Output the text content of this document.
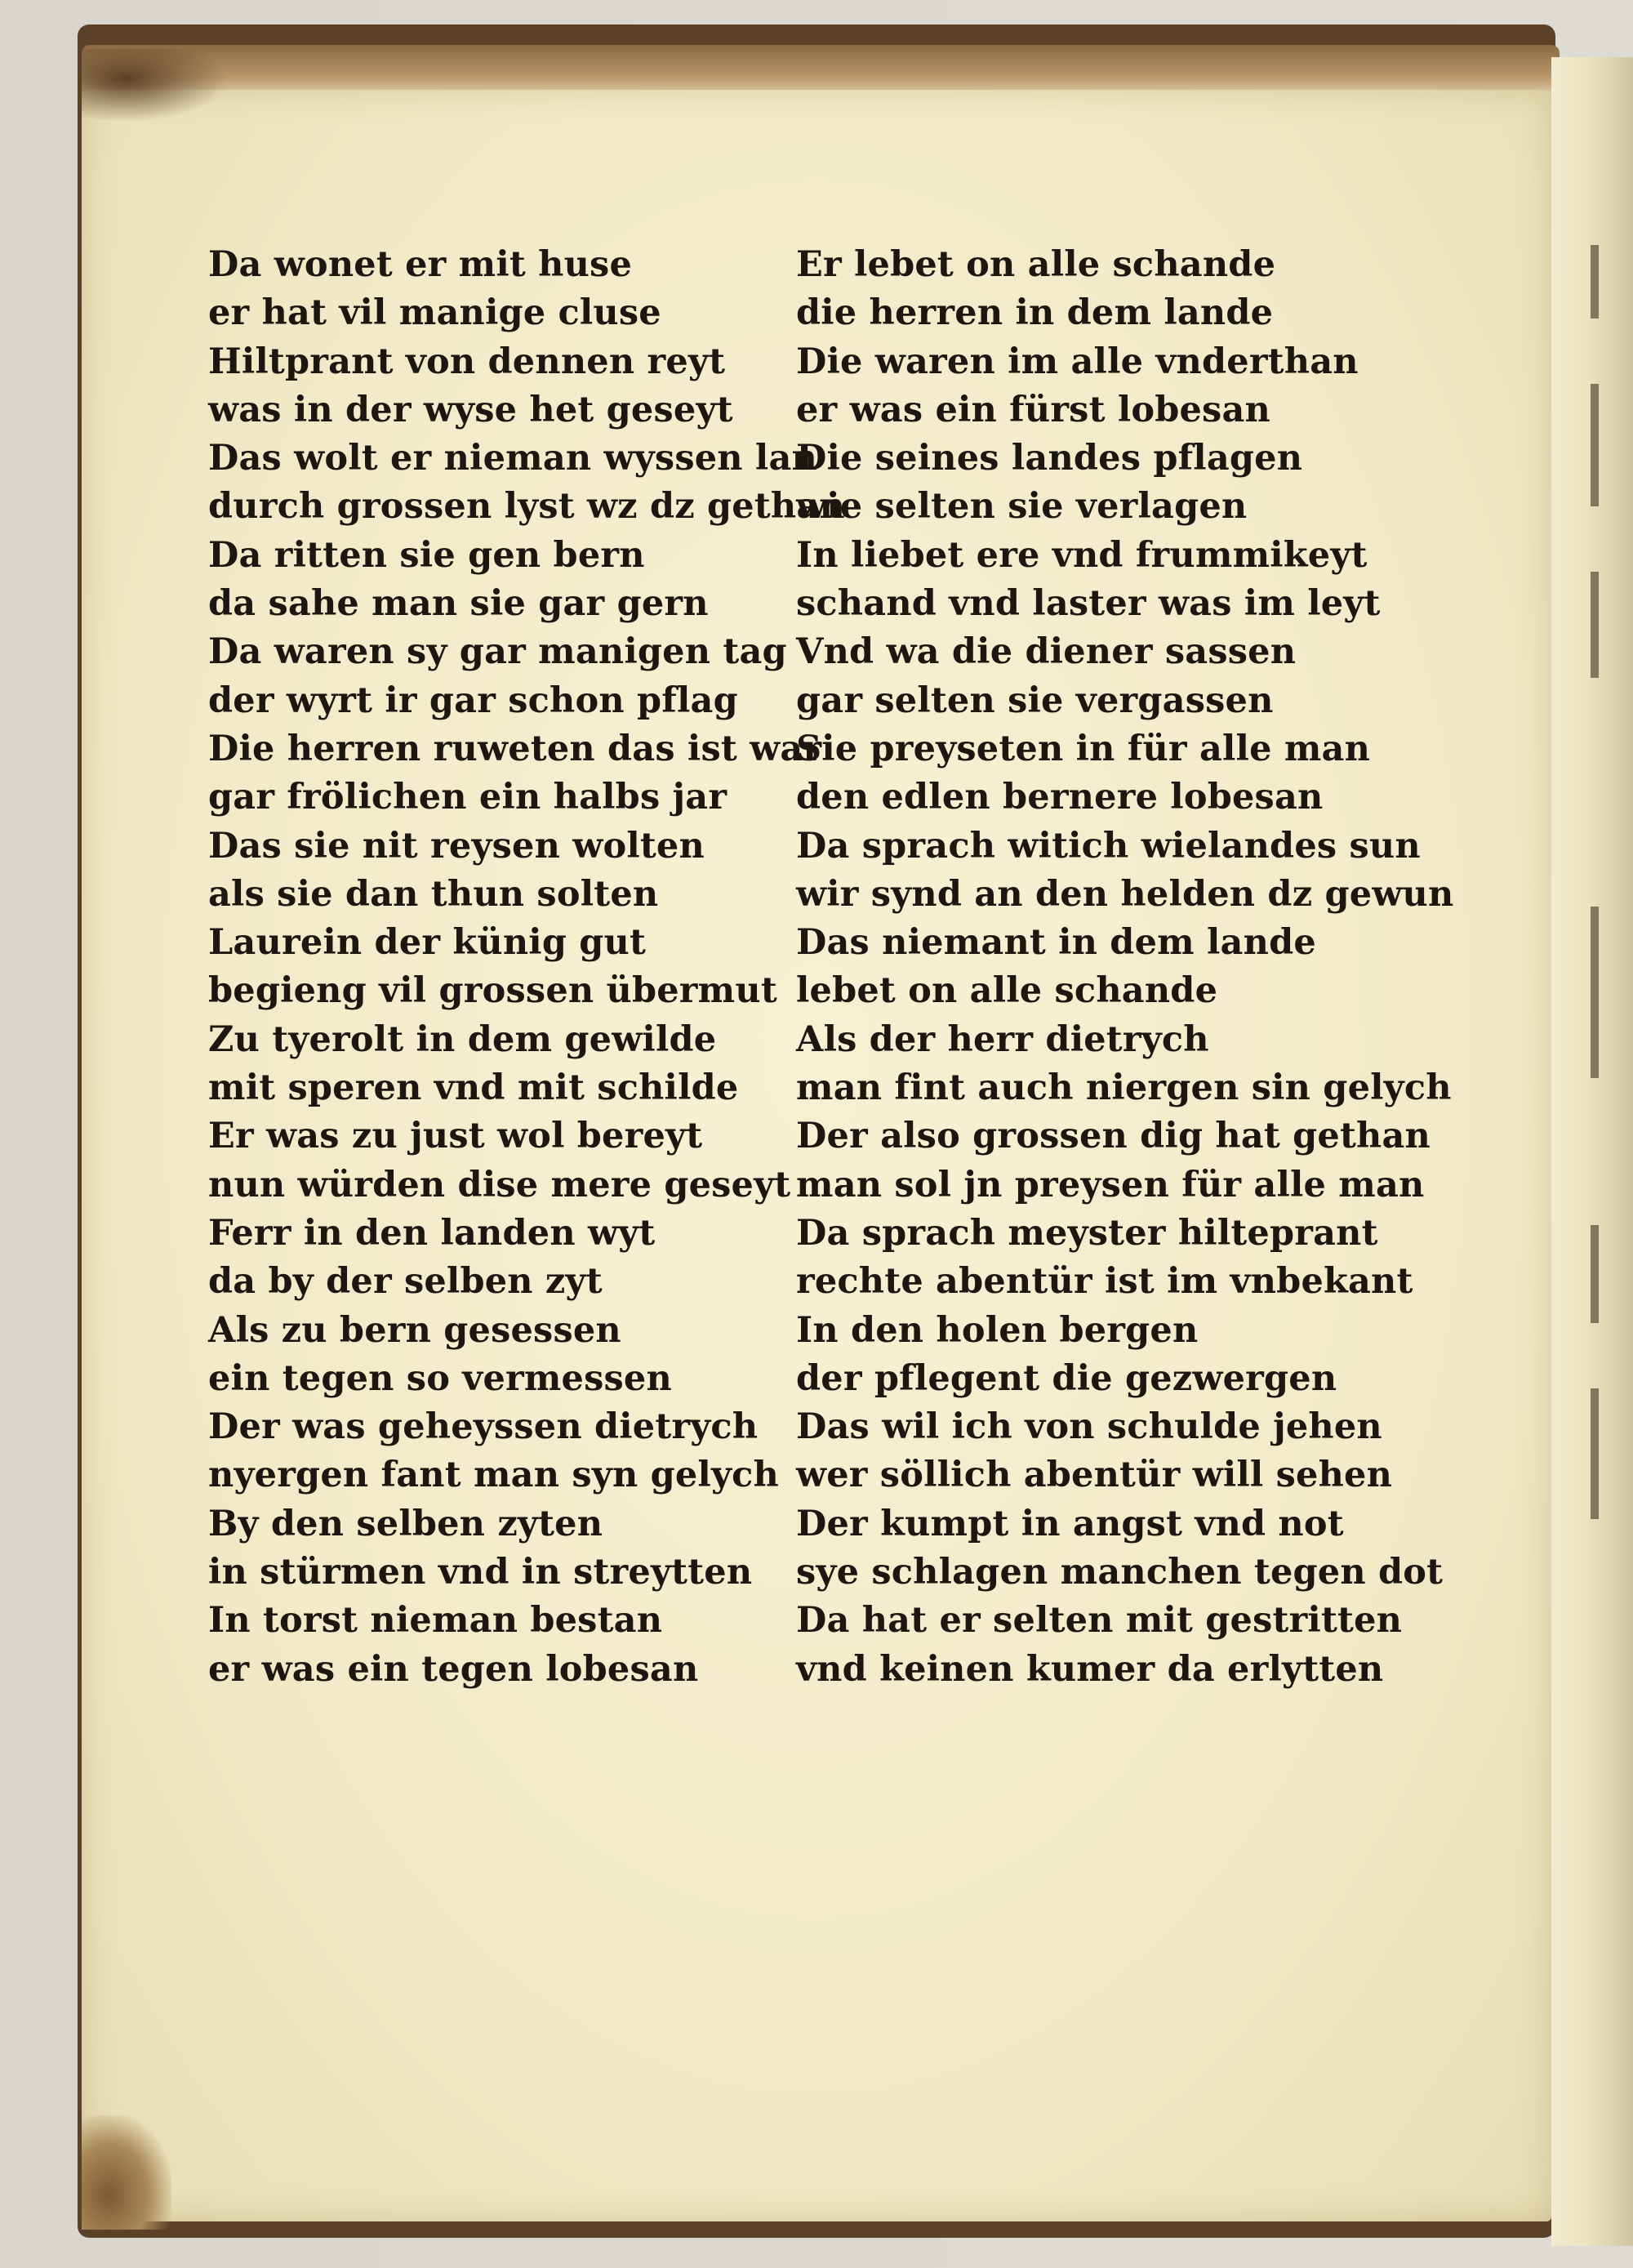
Da wonet er mit huse
er hat vil manige cluse
Hiltprant von dennen reyt
was in der wyse het geseyt
Das wolt er nieman wyssen lan
durch grossen lyst wz dz gethan
Da ritten sie gen bern
da sahe man sie gar gern
Da waren sy gar manigen tag
der wyrt ir gar schon pflag
Die herren ruweten das ist war
gar frölichen ein halbs jar
Das sie nit reysen wolten
als sie dan thun solten
Laurein der künig gut
begieng vil grossen übermut
Zu tyerolt in dem gewilde
mit speren vnd mit schilde
Er was zu just wol bereyt
nun würden dise mere geseyt
Ferr in den landen wyt
da by der selben zyt
Als zu bern gesessen
ein tegen so vermessen
Der was geheyssen dietrych
nyergen fant man syn gelych
By den selben zyten
in stürmen vnd in streytten
In torst nieman bestan
er was ein tegen lobesan
Er lebet on alle schande
die herren in dem lande
Die waren im alle vnderthan
er was ein fürst lobesan
Die seines landes pflagen
wie selten sie verlagen
In liebet ere vnd frummikeyt
schand vnd laster was im leyt
Vnd wa die diener sassen
gar selten sie vergassen
Sie preyseten in für alle man
den edlen bernere lobesan
Da sprach witich wielandes sun
wir synd an den helden dz gewun
Das niemant in dem lande
lebet on alle schande
Als der herr dietrych
man fint auch niergen sin gelych
Der also grossen dig hat gethan
man sol jn preysen für alle man
Da sprach meyster hilteprant
rechte abentür ist im vnbekant
In den holen bergen
der pflegent die gezwergen
Das wil ich von schulde jehen
wer söllich abentür will sehen
Der kumpt in angst vnd not
sye schlagen manchen tegen dot
Da hat er selten mit gestritten
vnd keinen kumer da erlytten
